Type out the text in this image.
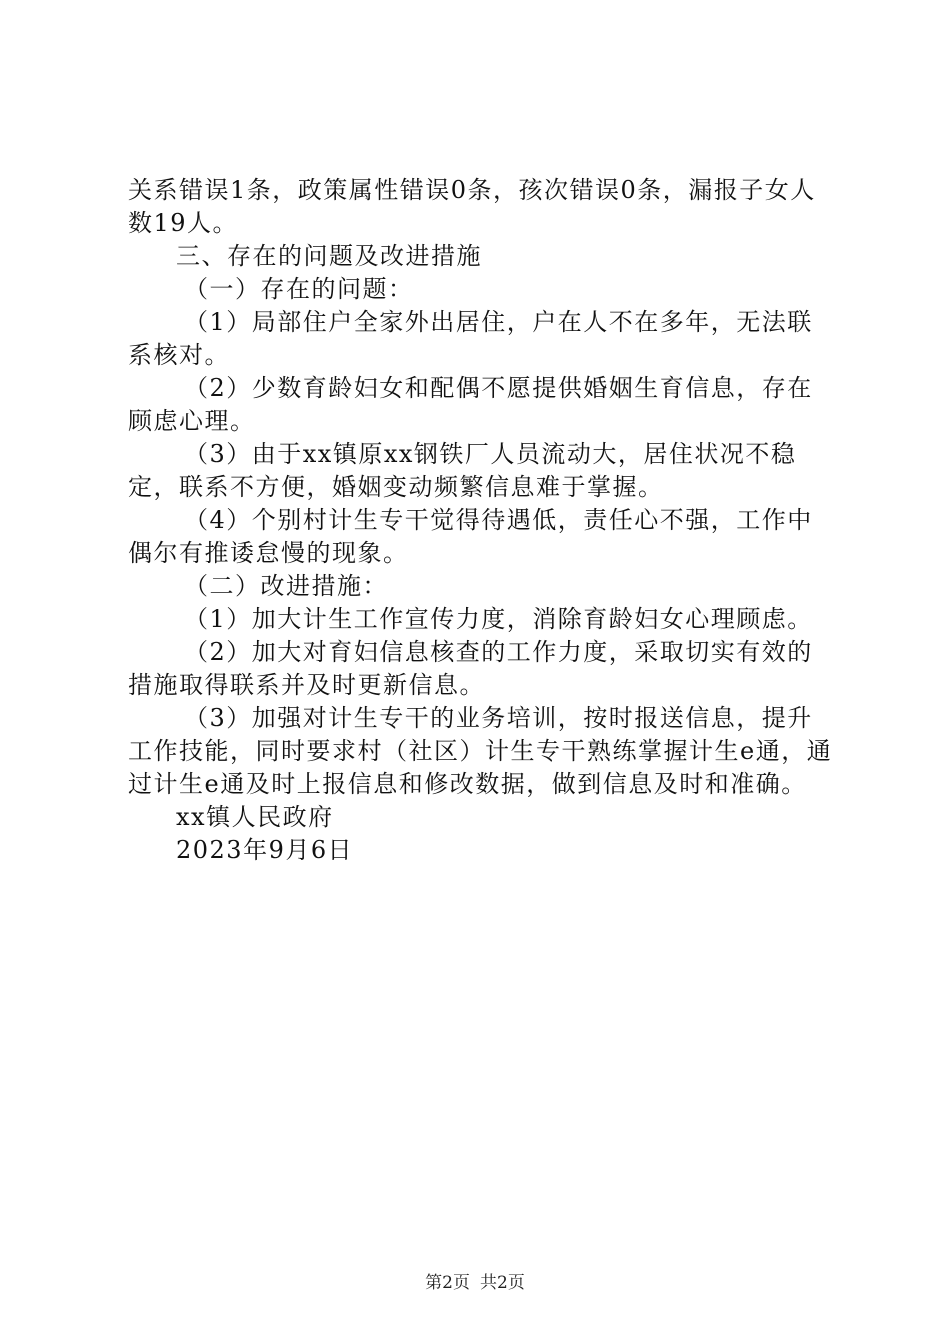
关系错误1条，政策属性错误0条，孩次错误0条，漏报子女人数19人。

三、存在的问题及改进措施

（一）存在的问题：

（1）局部住户全家外出居住，户在人不在多年，无法联系核对。

（2）少数育龄妇女和配偶不愿提供婚姻生育信息，存在顾虑心理。

（3）由于xx镇原xx钢铁厂人员流动大，居住状况不稳定，联系不方便，婚姻变动频繁信息难于掌握。

（4）个别村计生专干觉得待遇低，责任心不强，工作中偶尔有推诿怠慢的现象。

（二）改进措施：

（1）加大计生工作宣传力度，消除育龄妇女心理顾虑。

（2）加大对育妇信息核查的工作力度，采取切实有效的措施取得联系并及时更新信息。

（3）加强对计生专干的业务培训，按时报送信息，提升工作技能，同时要求村（社区）计生专干熟练掌握计生e通，通过计生e通及时上报信息和修改数据，做到信息及时和准确。

xx镇人民政府

2023年9月6日

第2页 共2页
